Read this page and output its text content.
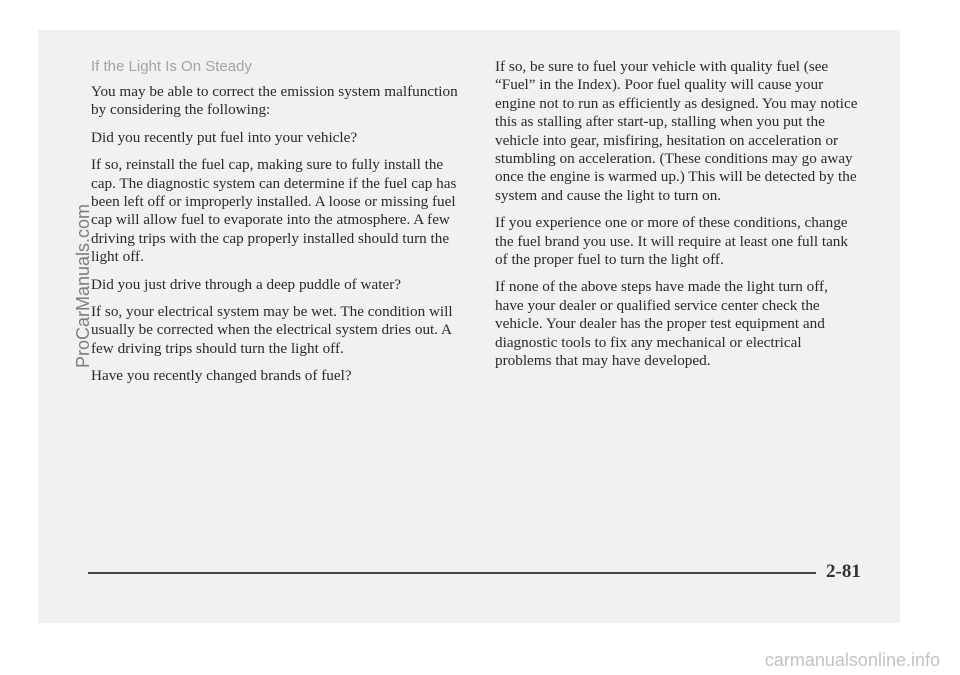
If the Light Is On Steady

You may be able to correct the emission system malfunction by considering the following:

Did you recently put fuel into your vehicle?

If so, reinstall the fuel cap, making sure to fully install the cap. The diagnostic system can determine if the fuel cap has been left off or improperly installed. A loose or missing fuel cap will allow fuel to evaporate into the atmosphere. A few driving trips with the cap properly installed should turn the light off.

Did you just drive through a deep puddle of water?

If so, your electrical system may be wet. The condition will usually be corrected when the electrical system dries out. A few driving trips should turn the light off.

Have you recently changed brands of fuel?

If so, be sure to fuel your vehicle with quality fuel (see “Fuel” in the Index). Poor fuel quality will cause your engine not to run as efficiently as designed. You may notice this as stalling after start-up, stalling when you put the vehicle into gear, misfiring, hesitation on acceleration or stumbling on acceleration. (These conditions may go away once the engine is warmed up.) This will be detected by the system and cause the light to turn on.

If you experience one or more of these conditions, change the fuel brand you use. It will require at least one full tank of the proper fuel to turn the light off.

If none of the above steps have made the light turn off, have your dealer or qualified service center check the vehicle. Your dealer has the proper test equipment and diagnostic tools to fix any mechanical or electrical problems that may have developed.

ProCarManuals.com
2-81
carmanualsonline.info
